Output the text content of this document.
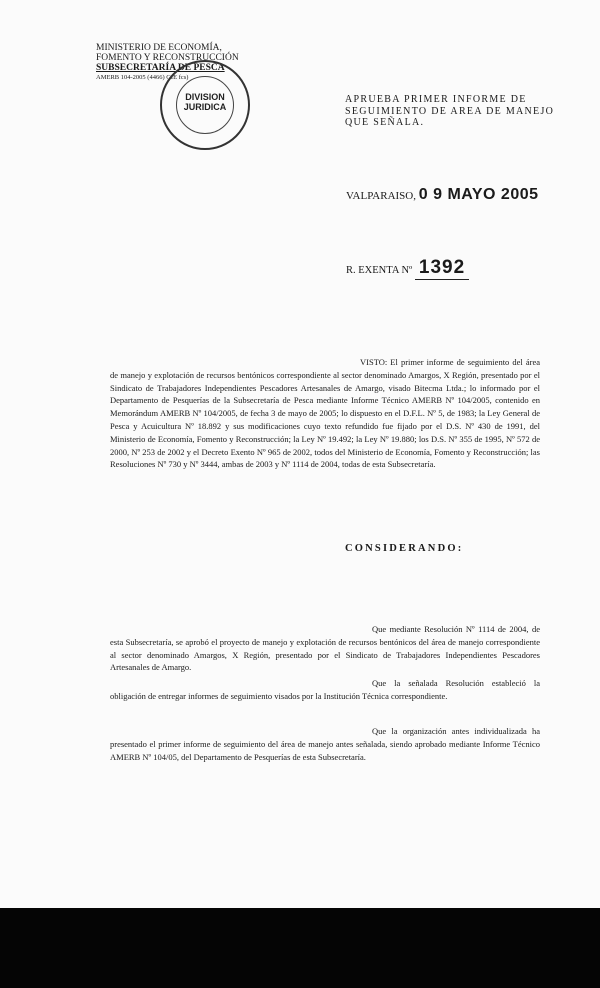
MINISTERIO DE ECONOMÍA,
FOMENTO Y RECONSTRUCCIÓN
SUBSECRETARÍA DE PESCA
AMERB 104-2005 (4466) GIE fcs)
DIVISION
JURIDICA
APRUEBA PRIMER INFORME DE SEGUIMIENTO DE AREA DE MANEJO QUE SEÑALA.
VALPARAISO, 0 9 MAYO 2005
R. EXENTA Nº 1392
VISTO: El primer informe de seguimiento del área de manejo y explotación de recursos bentónicos correspondiente al sector denominado Amargos, X Región, presentado por el Sindicato de Trabajadores Independientes Pescadores Artesanales de Amargo, visado Bitecma Ltda.; lo informado por el Departamento de Pesquerías de la Subsecretaría de Pesca mediante Informe Técnico AMERB Nº 104/2005, contenido en Memorándum AMERB Nº 104/2005, de fecha 3 de mayo de 2005; lo dispuesto en el D.F.L. Nº 5, de 1983; la Ley General de Pesca y Acuicultura Nº 18.892 y sus modificaciones cuyo texto refundido fue fijado por el D.S. Nº 430 de 1991, del Ministerio de Economía, Fomento y Reconstrucción; la Ley Nº 19.492; la Ley Nº 19.880; los D.S. Nº 355 de 1995, Nº 572 de 2000, Nº 253 de 2002 y el Decreto Exento Nº 965 de 2002, todos del Ministerio de Economía, Fomento y Reconstrucción; las Resoluciones Nº 730 y Nº 3444, ambas de 2003 y Nº 1114 de 2004, todas de esta Subsecretaría.
CONSIDERANDO:
Que mediante Resolución Nº 1114 de 2004, de esta Subsecretaría, se aprobó el proyecto de manejo y explotación de recursos bentónicos del área de manejo correspondiente al sector denominado Amargos, X Región, presentado por el Sindicato de Trabajadores Independientes Pescadores Artesanales de Amargo.
Que la señalada Resolución estableció la obligación de entregar informes de seguimiento visados por la Institución Técnica correspondiente.
Que la organización antes individualizada ha presentado el primer informe de seguimiento del área de manejo antes señalada, siendo aprobado mediante Informe Técnico AMERB Nº 104/05, del Departamento de Pesquerías de esta Subsecretaría.
